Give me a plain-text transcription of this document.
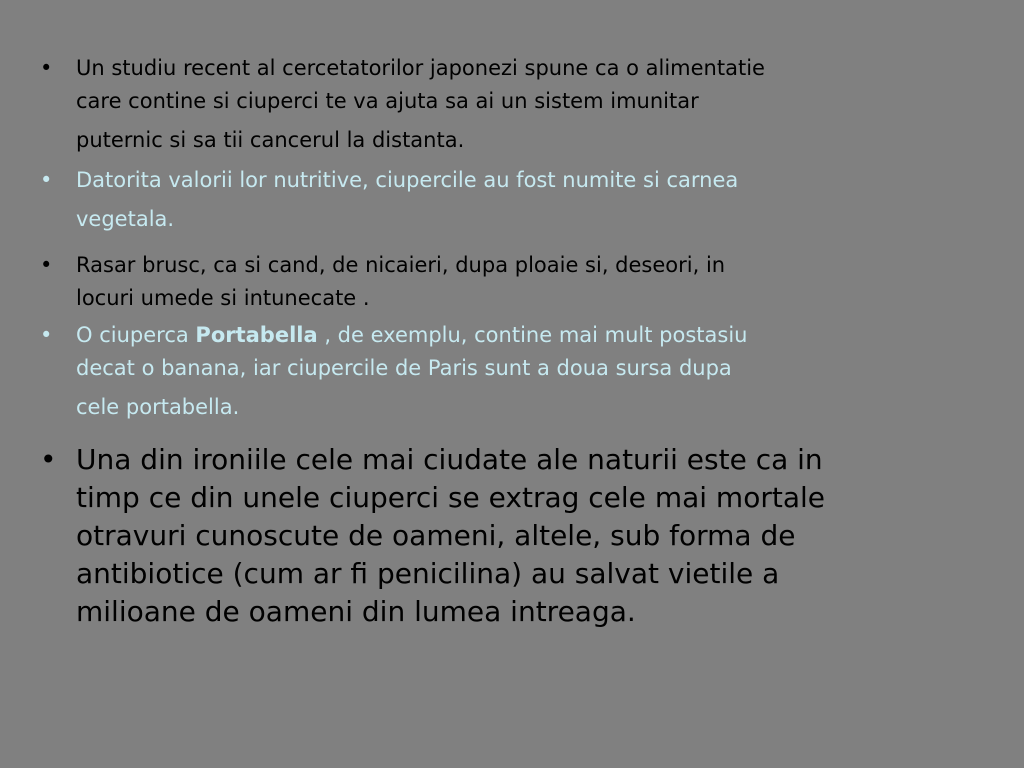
• Un studiu recent al cercetatorilor japonezi spune ca o alimentatie
care contine si ciuperci te va ajuta sa ai un sistem imunitar
puternic si sa tii cancerul la distanta.
• Datorita valorii lor nutritive, ciupercile au fost numite si carnea
vegetala.
• Rasar brusc, ca si cand, de nicaieri, dupa ploaie si, deseori, in
locuri umede si intunecate .
• O ciuperca Portabella , de exemplu, contine mai mult postasiu
decat o banana, iar ciupercile de Paris sunt a doua sursa dupa
cele portabella.
• Una din ironiile cele mai ciudate ale naturii este ca in
timp ce din unele ciuperci se extrag cele mai mortale
otravuri cunoscute de oameni, altele, sub forma de
antibiotice (cum ar fi penicilina) au salvat vietile a
milioane de oameni din lumea intreaga.
